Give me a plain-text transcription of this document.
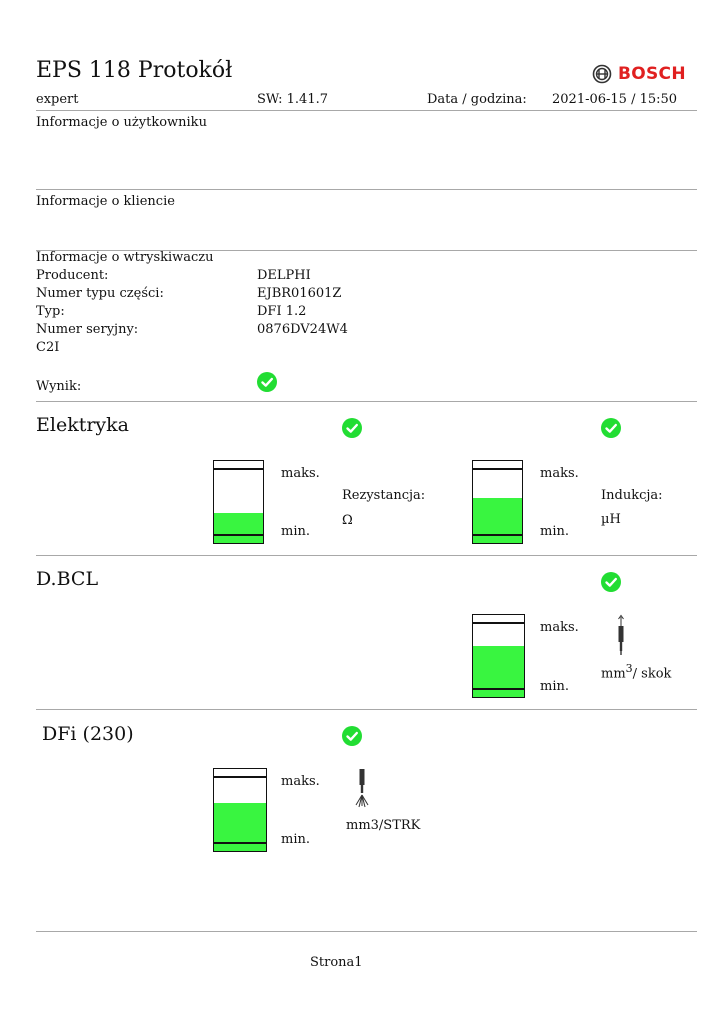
EPS 118 Protokół	BOSCH
expert	SW: 1.41.7	Data / godzina: 2021-06-15 / 15:50
Informacje o użytkowniku
Informacje o kliencie
Informacje o wtryskiwaczu
Producent:	DELPHI
Numer typu części:	EJBR01601Z
Typ:	DFI 1.2
Numer seryjny:	0876DV24W4
C2I
Wynik:
Elektryka
maks.
min.
Rezystancja:
Ω
maks.
min.
Indukcja:
µH
D.BCL
maks.
min.
$mm^3/$ skok
DFi (230)
maks.
min.
mm3/STRK
Strona1
